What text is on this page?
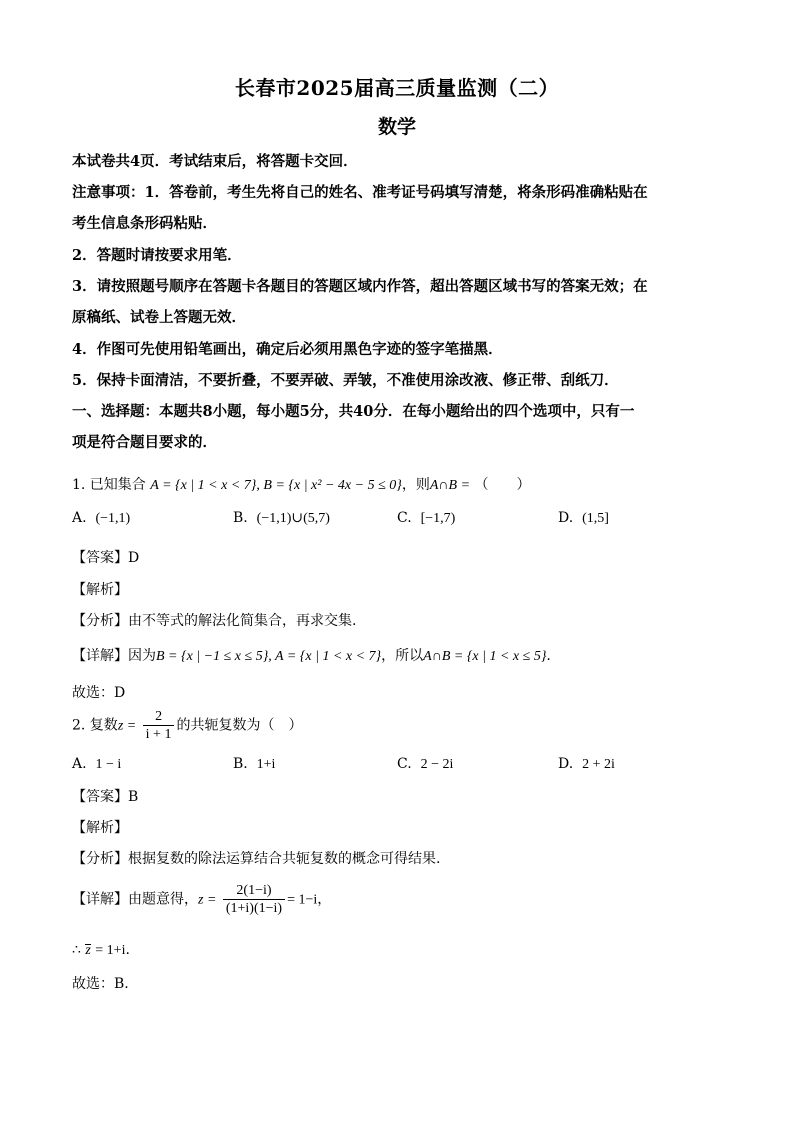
长春市2025届高三质量监测（二）
数学
本试卷共4页．考试结束后，将答题卡交回．
注意事项：1．答卷前，考生先将自己的姓名、准考证号码填写清楚，将条形码准确粘贴在
考生信息条形码粘贴．
2．答题时请按要求用笔．
3．请按照题号顺序在答题卡各题目的答题区域内作答，超出答题区域书写的答案无效；在
原稿纸、试卷上答题无效．
4．作图可先使用铅笔画出，确定后必须用黑色字迹的签字笔描黑．
5．保持卡面清洁，不要折叠，不要弄破、弄皱，不准使用涂改液、修正带、刮纸刀．
一、选择题：本题共8小题，每小题5分，共40分．在每小题给出的四个选项中，只有一
项是符合题目要求的．
1. 已知集合 A = {x | 1 < x < 7}, B = {x | x² − 4x − 5 ≤ 0}，则A∩B = （　　）
A. (−1,1)	B. (−1,1)∪(5,7)	C. [−1,7)	D. (1,5]
【答案】D
【解析】
【分析】由不等式的解法化简集合，再求交集.
【详解】因为B = {x | −1 ≤ x ≤ 5}, A = {x | 1 < x < 7}，所以A∩B = {x | 1 < x ≤ 5}.
故选：D
2. 复数$z = \frac{2}{i + 1}$ 的共轭复数为（　）
A. 1 − i	B. 1+i	C. 2 − 2i	D. 2 + 2i
【答案】B
【解析】
【分析】根据复数的除法运算结合共轭复数的概念可得结果.
【详解】由题意得，$z = \frac{2(1-i)}{(1+i)(1-i)} = 1-i$，
∴ z = 1+i.
故选：B.
